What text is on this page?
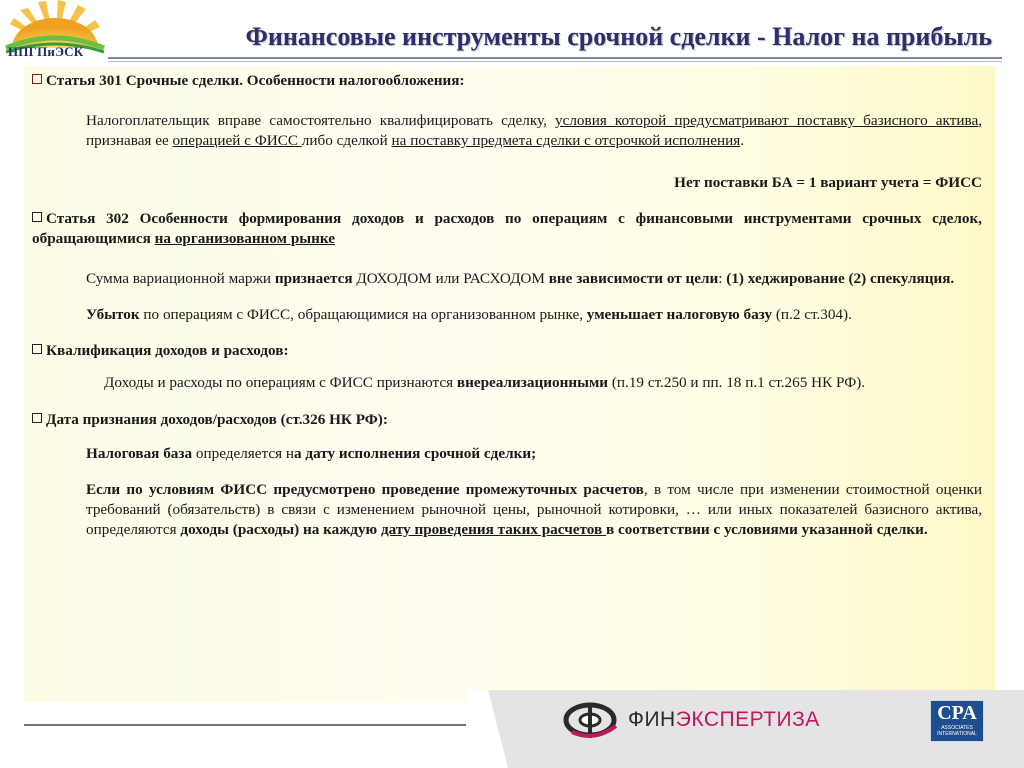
НПГПиЭСК
Финансовые инструменты срочной сделки - Налог на прибыль

Статья 301 Срочные сделки. Особенности налогообложения:

Налогоплательщик вправе самостоятельно квалифицировать сделку, условия которой предусматривают поставку базисного актива, признавая ее операцией с ФИСС либо сделкой на поставку предмета сделки с отсрочкой исполнения.

Нет поставки БА = 1 вариант учета = ФИСС

Статья 302 Особенности формирования доходов и расходов по операциям с финансовыми инструментами срочных сделок, обращающимися на организованном рынке

Сумма вариационной маржи признается ДОХОДОМ или РАСХОДОМ вне зависимости от цели: (1) хеджирование (2) спекуляция.

Убыток по операциям с ФИСС, обращающимися на организованном рынке, уменьшает налоговую базу (п.2 ст.304).

Квалификация доходов и расходов:

Доходы и расходы по операциям с ФИСС признаются внереализационными (п.19 ст.250 и пп. 18 п.1 ст.265 НК РФ).

Дата признания доходов/расходов (ст.326 НК РФ):

Налоговая база определяется на дату исполнения срочной сделки;

Если по условиям ФИСС предусмотрено проведение промежуточных расчетов, в том числе при изменении стоимостной оценки требований (обязательств) в связи с изменением рыночной цены, рыночной котировки, … или иных показателей базисного актива, определяются доходы (расходы) на каждую дату проведения таких расчетов в соответствии с условиями указанной сделки.

ФИНЭКСПЕРТИЗА	CPA
ASSOCIATES INTERNATIONAL
